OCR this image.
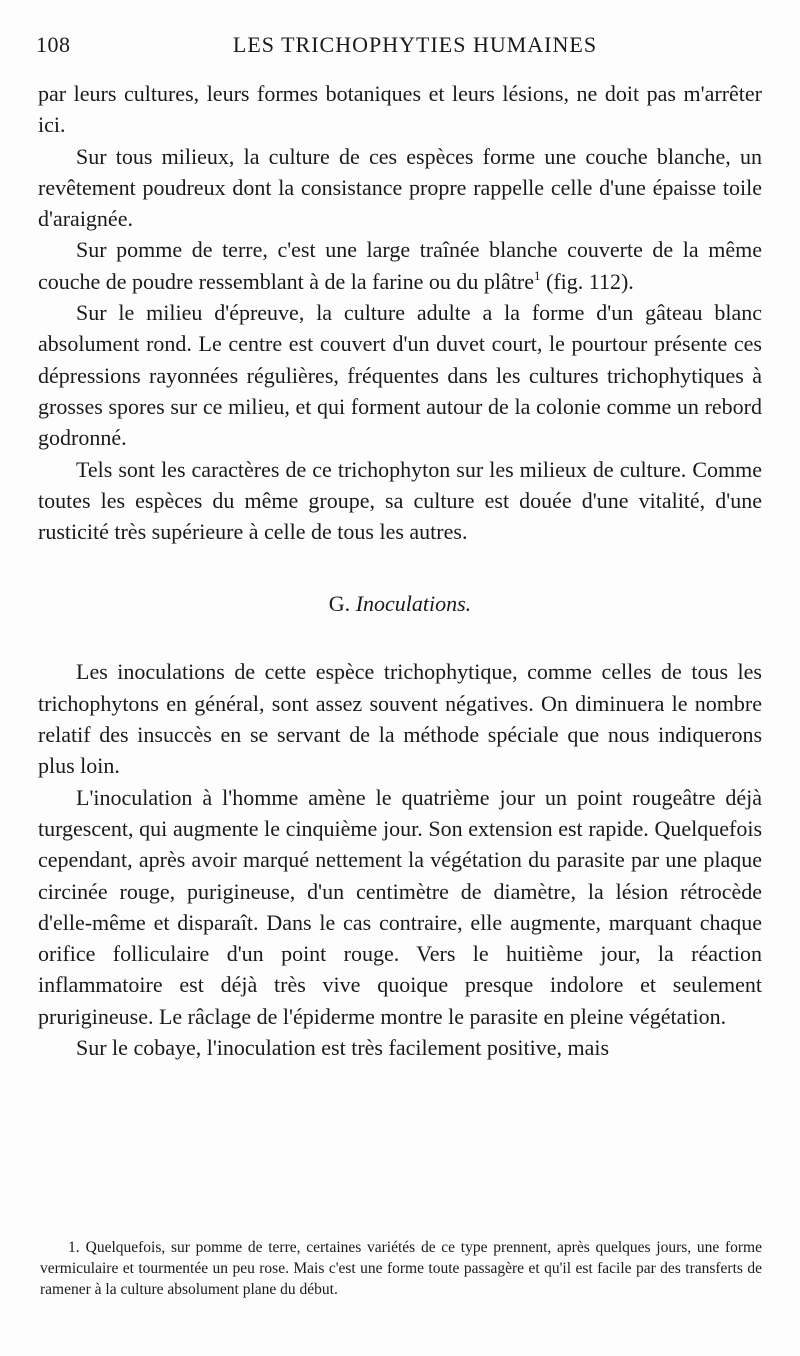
108	LES TRICHOPHYTIES HUMAINES

par leurs cultures, leurs formes botaniques et leurs lésions, ne doit pas m'arrêter ici.

Sur tous milieux, la culture de ces espèces forme une couche blanche, un revêtement poudreux dont la consistance propre rappelle celle d'une épaisse toile d'araignée.

Sur pomme de terre, c'est une large traînée blanche couverte de la même couche de poudre ressemblant à de la farine ou du plâtre$^1$ (fig. 112).

Sur le milieu d'épreuve, la culture adulte a la forme d'un gâteau blanc absolument rond. Le centre est couvert d'un duvet court, le pourtour présente ces dépressions rayonnées régulières, fréquentes dans les cultures trichophytiques à grosses spores sur ce milieu, et qui forment autour de la colonie comme un rebord godronné.

Tels sont les caractères de ce trichophyton sur les milieux de culture. Comme toutes les espèces du même groupe, sa culture est douée d'une vitalité, d'une rusticité très supérieure à celle de tous les autres.

G. Inoculations.

Les inoculations de cette espèce trichophytique, comme celles de tous les trichophytons en général, sont assez souvent négatives. On diminuera le nombre relatif des insuccès en se servant de la méthode spéciale que nous indiquerons plus loin.

L'inoculation à l'homme amène le quatrième jour un point rougeâtre déjà turgescent, qui augmente le cinquième jour. Son extension est rapide. Quelquefois cependant, après avoir marqué nettement la végétation du parasite par une plaque circinée rouge, purigineuse, d'un centimètre de diamètre, la lésion rétrocède d'elle-même et disparaît. Dans le cas contraire, elle augmente, marquant chaque orifice folliculaire d'un point rouge. Vers le huitième jour, la réaction inflammatoire est déjà très vive quoique presque indolore et seulement prurigineuse. Le râclage de l'épiderme montre le parasite en pleine végétation.

Sur le cobaye, l'inoculation est très facilement positive, mais

1. Quelquefois, sur pomme de terre, certaines variétés de ce type prennent, après quelques jours, une forme vermiculaire et tourmentée un peu rose. Mais c'est une forme toute passagère et qu'il est facile par des transferts de ramener à la culture absolument plane du début.
